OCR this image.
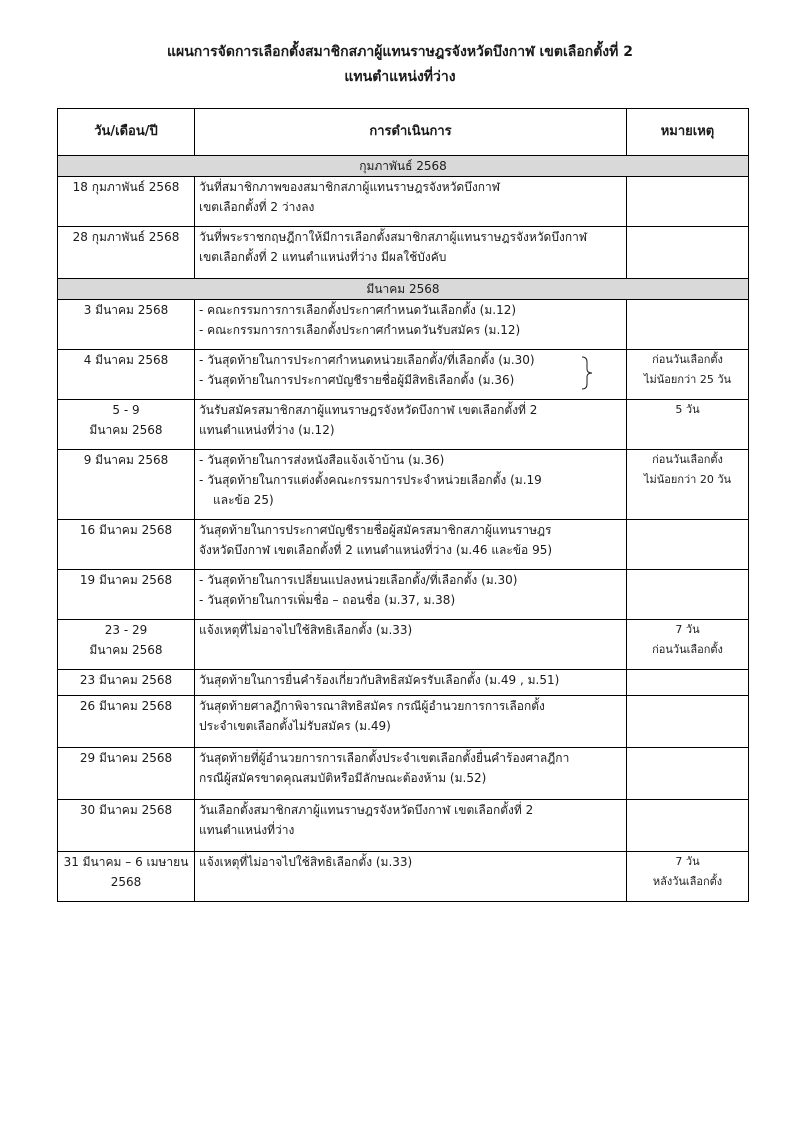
แผนการจัดการเลือกตั้งสมาชิกสภาผู้แทนราษฎรจังหวัดบึงกาฬ เขตเลือกตั้งที่ 2
แทนตำแหน่งที่ว่าง
วัน/เดือน/ปี	การดำเนินการ	หมายเหตุ
กุมภาพันธ์ 2568		

18 กุมภาพันธ์ 2568	วันที่สมาชิกภาพของสมาชิกสภาผู้แทนราษฎรจังหวัดบึงกาฬ
เขตเลือกตั้งที่ 2 ว่างลง	

28 กุมภาพันธ์ 2568	วันที่พระราชกฤษฎีกาให้มีการเลือกตั้งสมาชิกสภาผู้แทนราษฎรจังหวัดบึงกาฬ
เขตเลือกตั้งที่ 2 แทนตำแหน่งที่ว่าง มีผลใช้บังคับ	

มีนาคม 2568		

3 มีนาคม 2568	- คณะกรรมการการเลือกตั้งประกาศกำหนดวันเลือกตั้ง (ม.12)
- คณะกรรมการการเลือกตั้งประกาศกำหนดวันรับสมัคร (ม.12)	

4 มีนาคม 2568	- วันสุดท้ายในการประกาศกำหนดหน่วยเลือกตั้ง/ที่เลือกตั้ง (ม.30)
- วันสุดท้ายในการประกาศบัญชีรายชื่อผู้มีสิทธิเลือกตั้ง (ม.36)	ก่อนวันเลือกตั้ง
ไม่น้อยกว่า 25 วัน

5 - 9
มีนาคม 2568	วันรับสมัครสมาชิกสภาผู้แทนราษฎรจังหวัดบึงกาฬ เขตเลือกตั้งที่ 2
แทนตำแหน่งที่ว่าง (ม.12)	5 วัน

9 มีนาคม 2568	- วันสุดท้ายในการส่งหนังสือแจ้งเจ้าบ้าน (ม.36)
- วันสุดท้ายในการแต่งตั้งคณะกรรมการประจำหน่วยเลือกตั้ง (ม.19
และข้อ 25)	ก่อนวันเลือกตั้ง
ไม่น้อยกว่า 20 วัน

16 มีนาคม 2568	วันสุดท้ายในการประกาศบัญชีรายชื่อผู้สมัครสมาชิกสภาผู้แทนราษฎร
จังหวัดบึงกาฬ เขตเลือกตั้งที่ 2 แทนตำแหน่งที่ว่าง (ม.46 และข้อ 95)	

19 มีนาคม 2568	- วันสุดท้ายในการเปลี่ยนแปลงหน่วยเลือกตั้ง/ที่เลือกตั้ง (ม.30)
- วันสุดท้ายในการเพิ่มชื่อ – ถอนชื่อ (ม.37, ม.38)	

23 - 29
มีนาคม 2568	แจ้งเหตุที่ไม่อาจไปใช้สิทธิเลือกตั้ง (ม.33)	7 วัน
ก่อนวันเลือกตั้ง

23 มีนาคม 2568	วันสุดท้ายในการยื่นคำร้องเกี่ยวกับสิทธิสมัครรับเลือกตั้ง (ม.49 , ม.51)	

26 มีนาคม 2568	วันสุดท้ายศาลฎีกาพิจารณาสิทธิสมัคร กรณีผู้อำนวยการการเลือกตั้ง
ประจำเขตเลือกตั้งไม่รับสมัคร (ม.49)	

29 มีนาคม 2568	วันสุดท้ายที่ผู้อำนวยการการเลือกตั้งประจำเขตเลือกตั้งยื่นคำร้องศาลฎีกา
กรณีผู้สมัครขาดคุณสมบัติหรือมีลักษณะต้องห้าม (ม.52)	

30 มีนาคม 2568	วันเลือกตั้งสมาชิกสภาผู้แทนราษฎรจังหวัดบึงกาฬ เขตเลือกตั้งที่ 2
แทนตำแหน่งที่ว่าง	

31 มีนาคม – 6 เมษายน
2568	แจ้งเหตุที่ไม่อาจไปใช้สิทธิเลือกตั้ง (ม.33)	7 วัน
หลังวันเลือกตั้ง
